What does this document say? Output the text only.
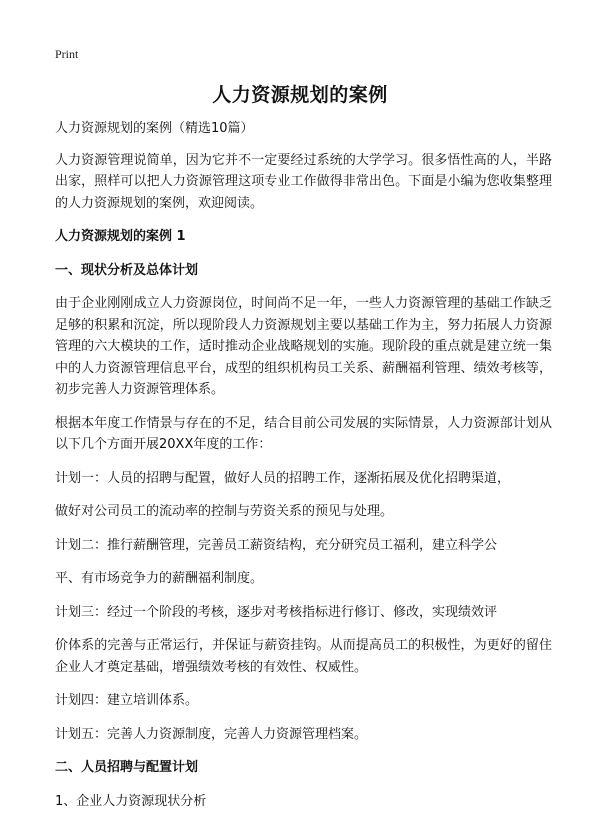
Print
人力资源规划的案例

人力资源规划的案例（精选10篇）

人力资源管理说简单，因为它并不一定要经过系统的大学学习。很多悟性高的人，半路出家，照样可以把人力资源管理这项专业工作做得非常出色。下面是小编为您收集整理的人力资源规划的案例，欢迎阅读。

人力资源规划的案例 1

一、现状分析及总体计划

由于企业刚刚成立人力资源岗位，时间尚不足一年，一些人力资源管理的基础工作缺乏足够的积累和沉淀，所以现阶段人力资源规划主要以基础工作为主，努力拓展人力资源管理的六大模块的工作，适时推动企业战略规划的实施。现阶段的重点就是建立统一集中的人力资源管理信息平台，成型的组织机构员工关系、薪酬福利管理、绩效考核等，初步完善人力资源管理体系。

根据本年度工作情景与存在的不足，结合目前公司发展的实际情景，人力资源部计划从以下几个方面开展20XX年度的工作：

计划一：人员的招聘与配置，做好人员的招聘工作，逐渐拓展及优化招聘渠道，

做好对公司员工的流动率的控制与劳资关系的预见与处理。

计划二：推行薪酬管理，完善员工薪资结构，充分研究员工福利，建立科学公

平、有市场竞争力的薪酬福利制度。

计划三：经过一个阶段的考核，逐步对考核指标进行修订、修改，实现绩效评

价体系的完善与正常运行，并保证与薪资挂钩。从而提高员工的积极性，为更好的留住企业人才奠定基础，增强绩效考核的有效性、权威性。

计划四：建立培训体系。

计划五：完善人力资源制度，完善人力资源管理档案。

二、人员招聘与配置计划

1、企业人力资源现状分析
